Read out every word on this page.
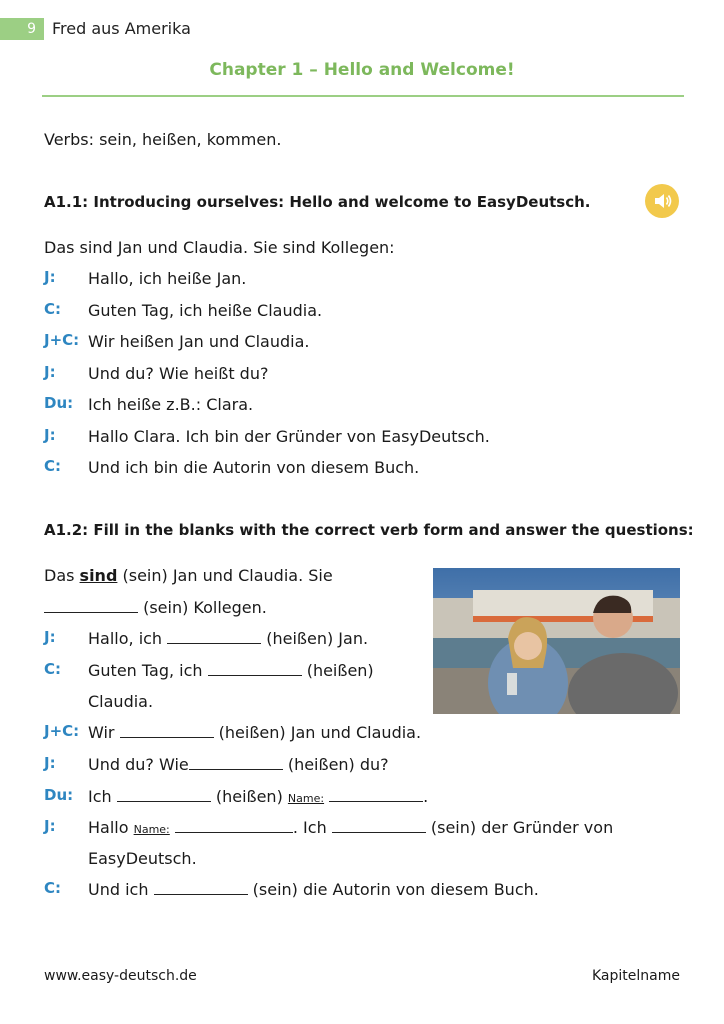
9	Fred aus Amerika
Chapter 1 – Hello and Welcome!
Verbs: sein, heißen, kommen.
A1.1: Introducing ourselves: Hello and welcome to EasyDeutsch.
Das sind Jan und Claudia. Sie sind Kollegen:
J: Hallo, ich heiße Jan.
C: Guten Tag, ich heiße Claudia.
J+C: Wir heißen Jan und Claudia.
J: Und du? Wie heißt du?
Du: Ich heiße z.B.: Clara.
J: Hallo Clara. Ich bin der Gründer von EasyDeutsch.
C: Und ich bin die Autorin von diesem Buch.
A1.2: Fill in the blanks with the correct verb form and answer the questions:
Das sind (sein) Jan und Claudia. Sie
(sein) Kollegen.
J: Hallo, ich	(heißen) Jan.
C: Guten Tag, ich	(heißen)
Claudia.
J+C: Wir	(heißen) Jan und Claudia.
J: Und du? Wie	(heißen) du?
Du: Ich	(heißen) Name:	.
J: Hallo Name:	. Ich	(sein) der Gründer von
EasyDeutsch.
C: Und ich	(sein) die Autorin von diesem Buch.
www.easy-deutsch.de	Kapitelname
